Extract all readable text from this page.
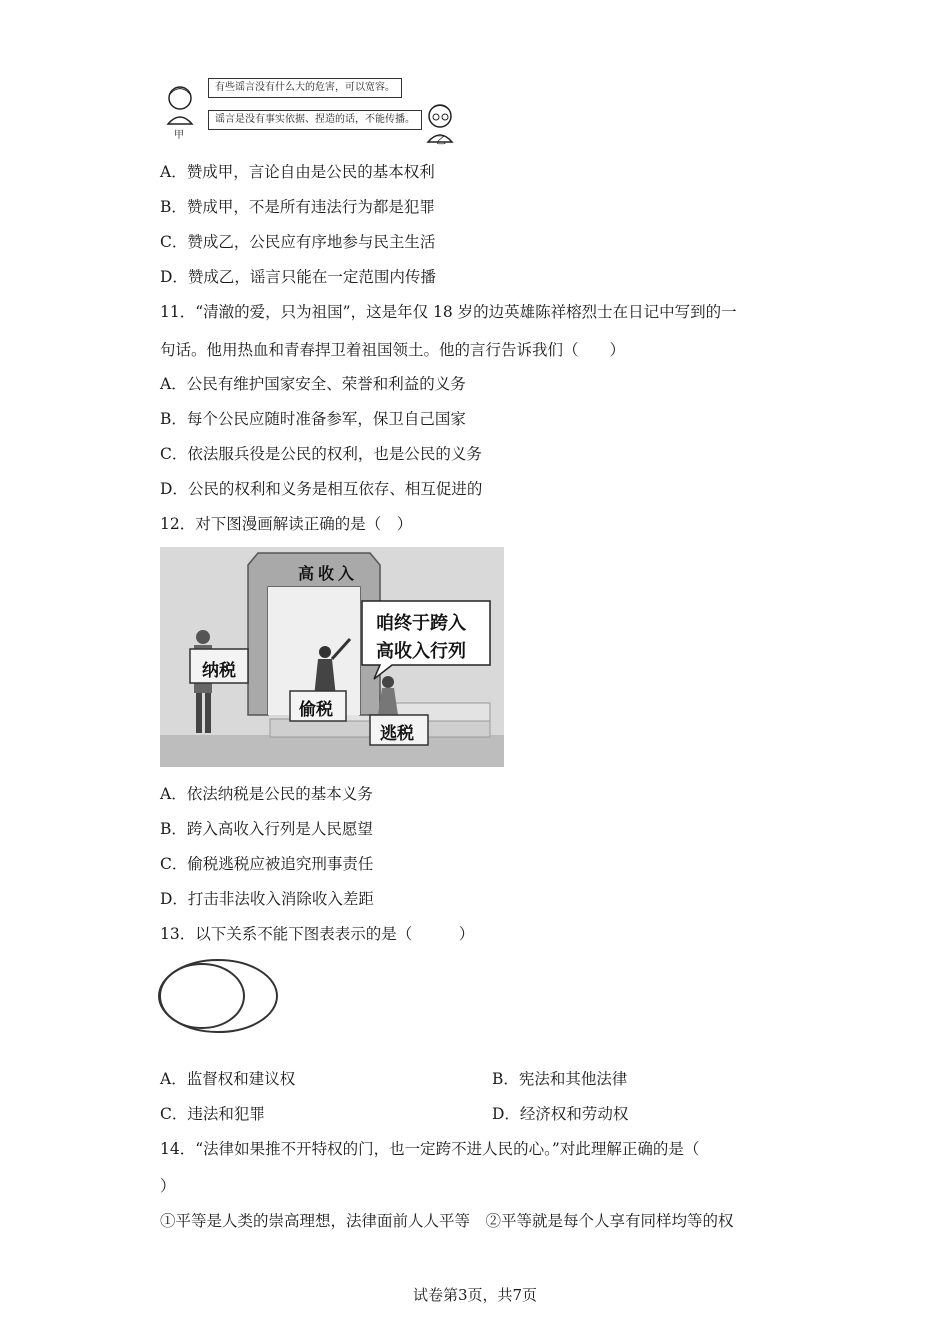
有些谣言没有什么大的危害，可以宽容。
谣言是没有事实依据、捏造的话，不能传播。
甲
乙
A．赞成甲，言论自由是公民的基本权利
B．赞成甲，不是所有违法行为都是犯罪
C．赞成乙，公民应有序地参与民主生活
D．赞成乙，谣言只能在一定范围内传播
11．“清澈的爱，只为祖国”，这是年仅 18 岁的边英雄陈祥榕烈士在日记中写到的一
句话。他用热血和青春捍卫着祖国领土。他的言行告诉我们（　　）
A．公民有维护国家安全、荣誉和利益的义务
B．每个公民应随时准备参军，保卫自己国家
C．依法服兵役是公民的权利，也是公民的义务
D．公民的权利和义务是相互依存、相互促进的
12．对下图漫画解读正确的是（　）
高收入
咱终于跨入
高收入行列
纳税
偷税
逃税
A．依法纳税是公民的基本义务
B．跨入高收入行列是人民愿望
C．偷税逃税应被追究刑事责任
D．打击非法收入消除收入差距
13．以下关系不能下图表表示的是（　　　）
A．监督权和建议权	B．宪法和其他法律
C．违法和犯罪	D．经济权和劳动权
14．“法律如果推不开特权的门，也一定跨不进人民的心。”对此理解正确的是（
）
①平等是人类的崇高理想，法律面前人人平等　②平等就是每个人享有同样均等的权
试卷第3页，共7页
